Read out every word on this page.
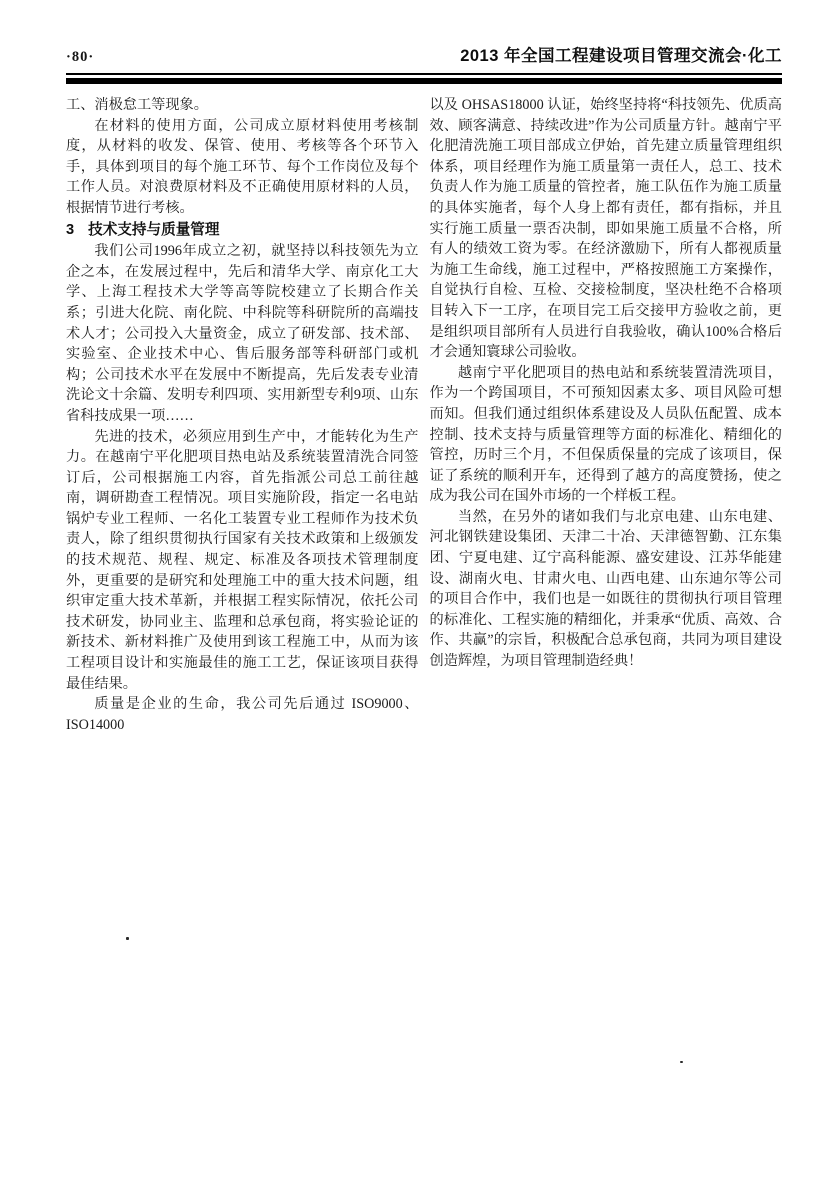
·80·	2013 年全国工程建设项目管理交流会·化工

工、消极怠工等现象。

在材料的使用方面，公司成立原材料使用考核制度，从材料的收发、保管、使用、考核等各个环节入手，具体到项目的每个施工环节、每个工作岗位及每个工作人员。对浪费原材料及不正确使用原材料的人员，根据情节进行考核。

3 技术支持与质量管理

我们公司1996年成立之初，就坚持以科技领先为立企之本，在发展过程中，先后和清华大学、南京化工大学、上海工程技术大学等高等院校建立了长期合作关系；引进大化院、南化院、中科院等科研院所的高端技术人才；公司投入大量资金，成立了研发部、技术部、实验室、企业技术中心、售后服务部等科研部门或机构；公司技术水平在发展中不断提高，先后发表专业清洗论文十余篇、发明专利四项、实用新型专利9项、山东省科技成果一项……

先进的技术，必须应用到生产中，才能转化为生产力。在越南宁平化肥项目热电站及系统装置清洗合同签订后，公司根据施工内容，首先指派公司总工前往越南，调研勘查工程情况。项目实施阶段，指定一名电站锅炉专业工程师、一名化工装置专业工程师作为技术负责人，除了组织贯彻执行国家有关技术政策和上级颁发的技术规范、规程、规定、标准及各项技术管理制度外，更重要的是研究和处理施工中的重大技术问题，组织审定重大技术革新，并根据工程实际情况，依托公司技术研发，协同业主、监理和总承包商，将实验论证的新技术、新材料推广及使用到该工程施工中，从而为该工程项目设计和实施最佳的施工工艺，保证该项目获得最佳结果。

质量是企业的生命，我公司先后通过 ISO9000、ISO14000

以及 OHSAS18000 认证，始终坚持将“科技领先、优质高效、顾客满意、持续改进”作为公司质量方针。越南宁平化肥清洗施工项目部成立伊始，首先建立质量管理组织体系，项目经理作为施工质量第一责任人，总工、技术负责人作为施工质量的管控者，施工队伍作为施工质量的具体实施者，每个人身上都有责任，都有指标，并且实行施工质量一票否决制，即如果施工质量不合格，所有人的绩效工资为零。在经济激励下，所有人都视质量为施工生命线，施工过程中，严格按照施工方案操作，自觉执行自检、互检、交接检制度，坚决杜绝不合格项目转入下一工序，在项目完工后交接甲方验收之前，更是组织项目部所有人员进行自我验收，确认100%合格后才会通知寰球公司验收。

越南宁平化肥项目的热电站和系统装置清洗项目，作为一个跨国项目，不可预知因素太多、项目风险可想而知。但我们通过组织体系建设及人员队伍配置、成本控制、技术支持与质量管理等方面的标准化、精细化的管控，历时三个月，不但保质保量的完成了该项目，保证了系统的顺利开车，还得到了越方的高度赞扬，使之成为我公司在国外市场的一个样板工程。

当然，在另外的诸如我们与北京电建、山东电建、河北钢铁建设集团、天津二十冶、天津德智勤、江东集团、宁夏电建、辽宁高科能源、盛安建设、江苏华能建设、湖南火电、甘肃火电、山西电建、山东迪尔等公司的项目合作中，我们也是一如既往的贯彻执行项目管理的标准化、工程实施的精细化，并秉承“优质、高效、合作、共赢”的宗旨，积极配合总承包商，共同为项目建设创造辉煌，为项目管理制造经典！
